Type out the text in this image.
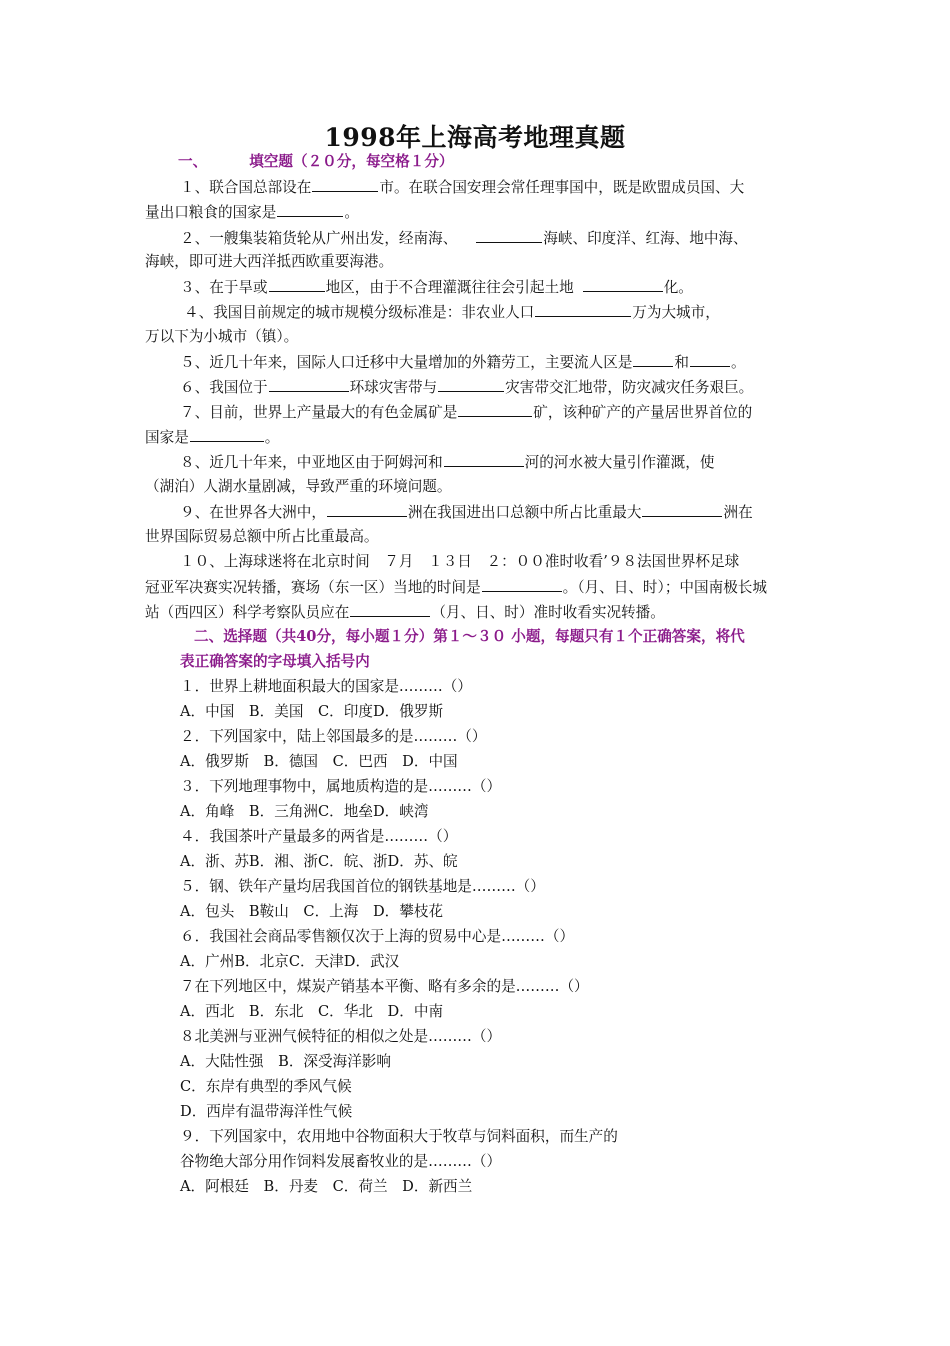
1998年上海高考地理真题
一、	填空题（２０分，每空格１分）
１、联合国总部设在	市。在联合国安理会常任理事国中，既是欧盟成员国、大
量出口粮食的国家是	。
２、一艘集装箱货轮从广州出发，经南海、	海峡、印度洋、红海、地中海、
海峡，即可进大西洋抵西欧重要海港。
３、在于旱或	地区，由于不合理灌溉往往会引起土地	化。
４、我国目前规定的城市规模分级标准是：非农业人口	万为大城市，
万以下为小城市（镇）。
５、近几十年来，国际人口迁移中大量增加的外籍劳工，主要流人区是	和	。
６、我国位于	环球灾害带与	灾害带交汇地带，防灾减灾任务艰巨。
７、目前，世界上产量最大的有色金属矿是	矿，该种矿产的产量居世界首位的
国家是	。
８、近几十年来，中亚地区由于阿姆河和	河的河水被大量引作灌溉，使
（湖泊）人湖水量剧减，导致严重的环境问题。
９、在世界各大洲中，	洲在我国进出口总额中所占比重最大	洲在
世界国际贸易总额中所占比重最高。
１０、上海球迷将在北京时间　７月　１３日　２：００准时收看’９８法国世界杯足球
冠亚军决赛实况转播，赛场（东一区）当地的时间是	。（月、日、时）；中国南极长城
站（西四区）科学考察队员应在	（月、日、时）准时收看实况转播。
二、选择题（共40分，每小题１分）第１～３０ 小题，每题只有１个正确答案，将代
表正确答案的字母填入括号内
１．世界上耕地面积最大的国家是………（）
A．中国　B．美国　C．印度D．俄罗斯
２．下列国家中，陆上邻国最多的是………（）
A．俄罗斯　B．德国　C．巴西　D．中国
３．下列地理事物中，属地质构造的是………（）
A．角峰　B．三角洲C．地垒D．峡湾
４．我国茶叶产量最多的两省是………（）
A．浙、苏B．湘、浙C．皖、浙D．苏、皖
５．钢、铁年产量均居我国首位的钢铁基地是………（）
A．包头　B鞍山　C．上海　D．攀枝花
６．我国社会商品零售额仅次于上海的贸易中心是………（）
A．广州B．北京C．天津D．武汉
７在下列地区中，煤炭产销基本平衡、略有多余的是………（）
A．西北　B．东北　C．华北　D．中南
８北美洲与亚洲气候特征的相似之处是………（）
A．大陆性强　B．深受海洋影响
C．东岸有典型的季风气候
D．西岸有温带海洋性气候
９．下列国家中，农用地中谷物面积大于牧草与饲料面积，而生产的
谷物绝大部分用作饲料发展畜牧业的是………（）
A．阿根廷　B．丹麦　C．荷兰　D．新西兰
